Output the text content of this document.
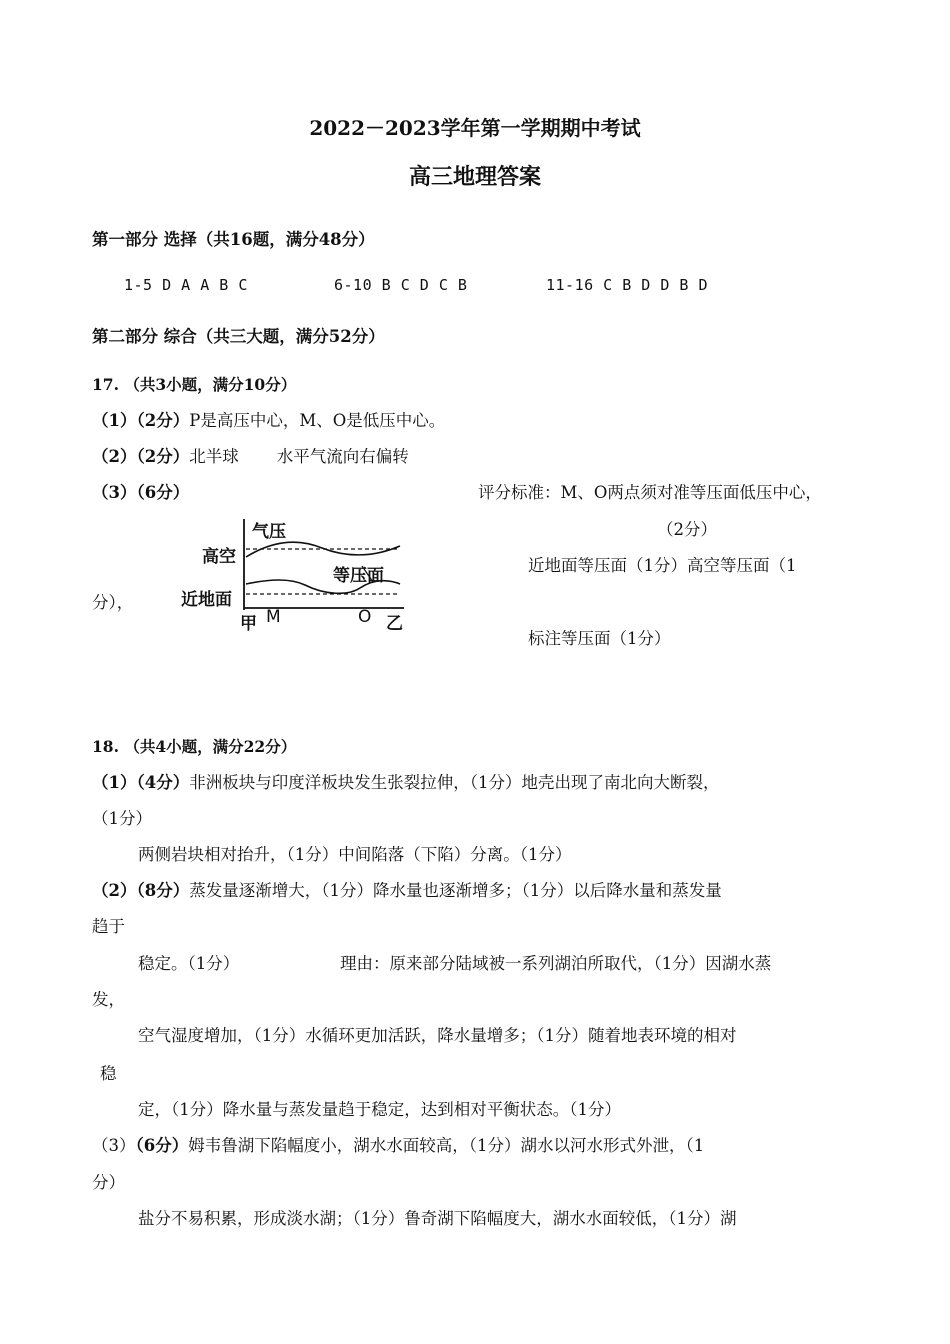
2022－2023学年第一学期期中考试
高三地理答案
第一部分 选择（共16题，满分48分）
1-5 D A A B C	6-10 B C D C B	11-16 C B D D B D
第二部分 综合（共三大题，满分52分）
17. （共3小题，满分10分）
（1）（2分）P是高压中心，M、O是低压中心。
（2）（2分）北半球 水平气流向右偏转
（3）（6分）	评分标准：M、O两点须对准等压面低压中心，
（2分）
近地面等压面（1分）高空等压面（1
分），
标注等压面（1分）
气压
高空
等压面
近地面
甲 M	O 乙
18. （共4小题，满分22分）
（1）（4分）非洲板块与印度洋板块发生张裂拉伸，（1分）地壳出现了南北向大断裂，
（1分）
两侧岩块相对抬升，（1分）中间陷落（下陷）分离。（1分）
（2）（8分）蒸发量逐渐增大，（1分）降水量也逐渐增多；（1分）以后降水量和蒸发量
趋于
稳定。（1分）	理由：原来部分陆域被一系列湖泊所取代，（1分）因湖水蒸
发，
空气湿度增加，（1分）水循环更加活跃，降水量增多；（1分）随着地表环境的相对
稳
定，（1分）降水量与蒸发量趋于稳定，达到相对平衡状态。（1分）
（3）（6分）姆韦鲁湖下陷幅度小，湖水水面较高，（1分）湖水以河水形式外泄，（1
分）
盐分不易积累，形成淡水湖；（1分）鲁奇湖下陷幅度大，湖水水面较低，（1分）湖
